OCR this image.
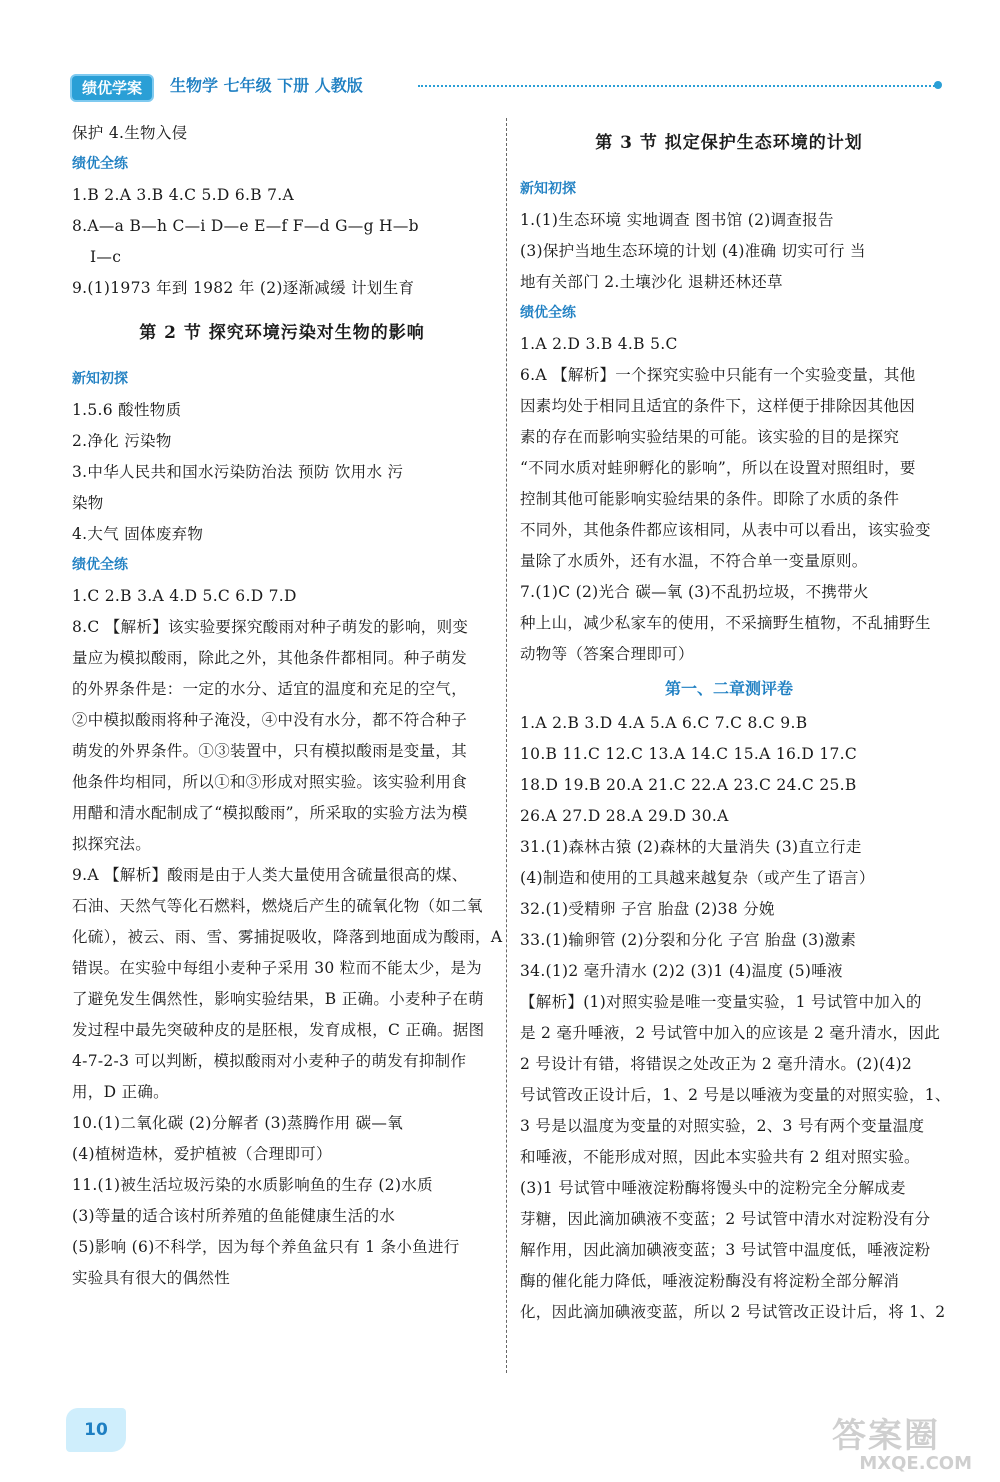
绩优学案	生物学 七年级 下册 人教版
保护 4.生物入侵
绩优全练
1.B 2.A 3.B 4.C 5.D 6.B 7.A
8.A—a B—h C—i D—e E—f F—d G—g H—b
I—c
9.(1)1973 年到 1982 年 (2)逐渐减缓 计划生育
第 2 节 探究环境污染对生物的影响
新知初探
1.5.6 酸性物质
2.净化 污染物
3.中华人民共和国水污染防治法 预防 饮用水 污
染物
4.大气 固体废弃物
绩优全练
1.C 2.B 3.A 4.D 5.C 6.D 7.D
8.C 【解析】该实验要探究酸雨对种子萌发的影响，则变
量应为模拟酸雨，除此之外，其他条件都相同。种子萌发
的外界条件是：一定的水分、适宜的温度和充足的空气，
②中模拟酸雨将种子淹没，④中没有水分，都不符合种子
萌发的外界条件。①③装置中，只有模拟酸雨是变量，其
他条件均相同，所以①和③形成对照实验。该实验利用食
用醋和清水配制成了“模拟酸雨”，所采取的实验方法为模
拟探究法。
9.A 【解析】酸雨是由于人类大量使用含硫量很高的煤、
石油、天然气等化石燃料，燃烧后产生的硫氧化物（如二氧
化硫），被云、雨、雪、雾捕捉吸收，降落到地面成为酸雨，A
错误。在实验中每组小麦种子采用 30 粒而不能太少，是为
了避免发生偶然性，影响实验结果，B 正确。小麦种子在萌
发过程中最先突破种皮的是胚根，发育成根，C 正确。据图
4-7-2-3 可以判断，模拟酸雨对小麦种子的萌发有抑制作
用，D 正确。
10.(1)二氧化碳 (2)分解者 (3)蒸腾作用 碳—氧
(4)植树造林，爱护植被（合理即可）
11.(1)被生活垃圾污染的水质影响鱼的生存 (2)水质
(3)等量的适合该村所养殖的鱼能健康生活的水
(5)影响 (6)不科学，因为每个养鱼盆只有 1 条小鱼进行
实验具有很大的偶然性
第 3 节 拟定保护生态环境的计划
新知初探
1.(1)生态环境 实地调查 图书馆 (2)调查报告
(3)保护当地生态环境的计划 (4)准确 切实可行 当
地有关部门 2.土壤沙化 退耕还林还草
绩优全练
1.A 2.D 3.B 4.B 5.C
6.A 【解析】一个探究实验中只能有一个实验变量，其他
因素均处于相同且适宜的条件下，这样便于排除因其他因
素的存在而影响实验结果的可能。该实验的目的是探究
“不同水质对蛙卵孵化的影响”，所以在设置对照组时，要
控制其他可能影响实验结果的条件。即除了水质的条件
不同外，其他条件都应该相同，从表中可以看出，该实验变
量除了水质外，还有水温，不符合单一变量原则。
7.(1)C (2)光合 碳—氧 (3)不乱扔垃圾，不携带火
种上山，减少私家车的使用，不采摘野生植物，不乱捕野生
动物等（答案合理即可）
第一、二章测评卷
1.A 2.B 3.D 4.A 5.A 6.C 7.C 8.C 9.B
10.B 11.C 12.C 13.A 14.C 15.A 16.D 17.C
18.D 19.B 20.A 21.C 22.A 23.C 24.C 25.B
26.A 27.D 28.A 29.D 30.A
31.(1)森林古猿 (2)森林的大量消失 (3)直立行走
(4)制造和使用的工具越来越复杂（或产生了语言）
32.(1)受精卵 子宫 胎盘 (2)38 分娩
33.(1)输卵管 (2)分裂和分化 子宫 胎盘 (3)激素
34.(1)2 毫升清水 (2)2 (3)1 (4)温度 (5)唾液
【解析】(1)对照实验是唯一变量实验，1 号试管中加入的
是 2 毫升唾液，2 号试管中加入的应该是 2 毫升清水，因此
2 号设计有错，将错误之处改正为 2 毫升清水。(2)(4)2
号试管改正设计后，1、2 号是以唾液为变量的对照实验，1、
3 号是以温度为变量的对照实验，2、3 号有两个变量温度
和唾液，不能形成对照，因此本实验共有 2 组对照实验。
(3)1 号试管中唾液淀粉酶将馒头中的淀粉完全分解成麦
芽糖，因此滴加碘液不变蓝；2 号试管中清水对淀粉没有分
解作用，因此滴加碘液变蓝；3 号试管中温度低，唾液淀粉
酶的催化能力降低，唾液淀粉酶没有将淀粉全部分解消
化，因此滴加碘液变蓝，所以 2 号试管改正设计后，将 1、2
10	答案圈
MXQE.COM
